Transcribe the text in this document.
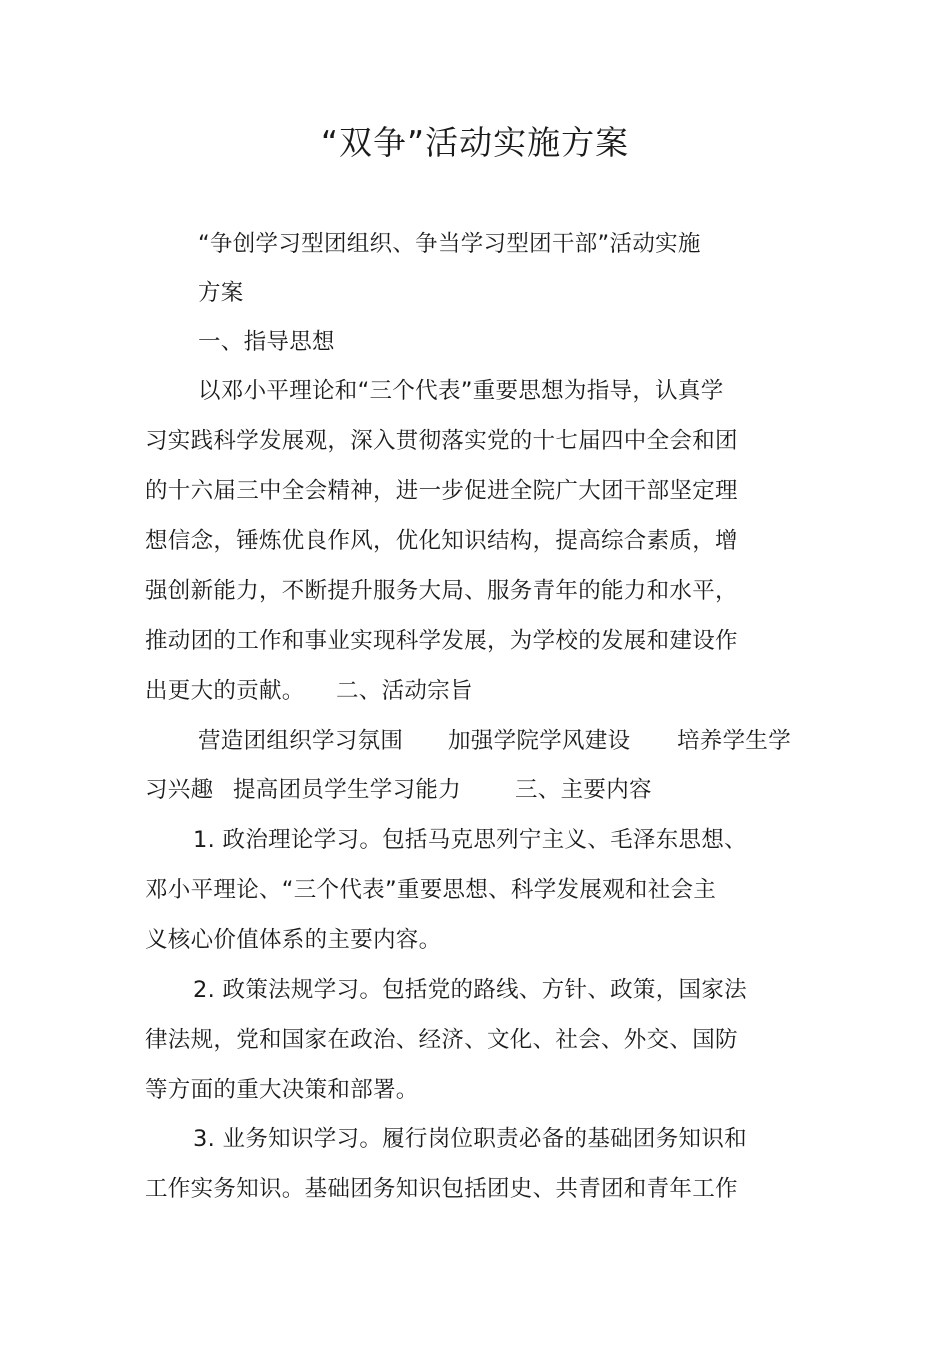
“双争”活动实施方案
“争创学习型团组织、争当学习型团干部”活动实施
方案
一、指导思想
以邓小平理论和“三个代表”重要思想为指导，认真学
习实践科学发展观，深入贯彻落实党的十七届四中全会和团
的十六届三中全会精神，进一步促进全院广大团干部坚定理
想信念，锤炼优良作风，优化知识结构，提高综合素质，增
强创新能力，不断提升服务大局、服务青年的能力和水平，
推动团的工作和事业实现科学发展，为学校的发展和建设作
出更大的贡献。 二、活动宗旨
营造团组织学习氛围 加强学院学风建设 培养学生学
习兴趣 提高团员学生学习能力 三、主要内容
1. 政治理论学习。包括马克思列宁主义、毛泽东思想、
邓小平理论、“三个代表”重要思想、科学发展观和社会主
义核心价值体系的主要内容。
2. 政策法规学习。包括党的路线、方针、政策，国家法
律法规，党和国家在政治、经济、文化、社会、外交、国防
等方面的重大决策和部署。
3. 业务知识学习。履行岗位职责必备的基础团务知识和
工作实务知识。基础团务知识包括团史、共青团和青年工作
